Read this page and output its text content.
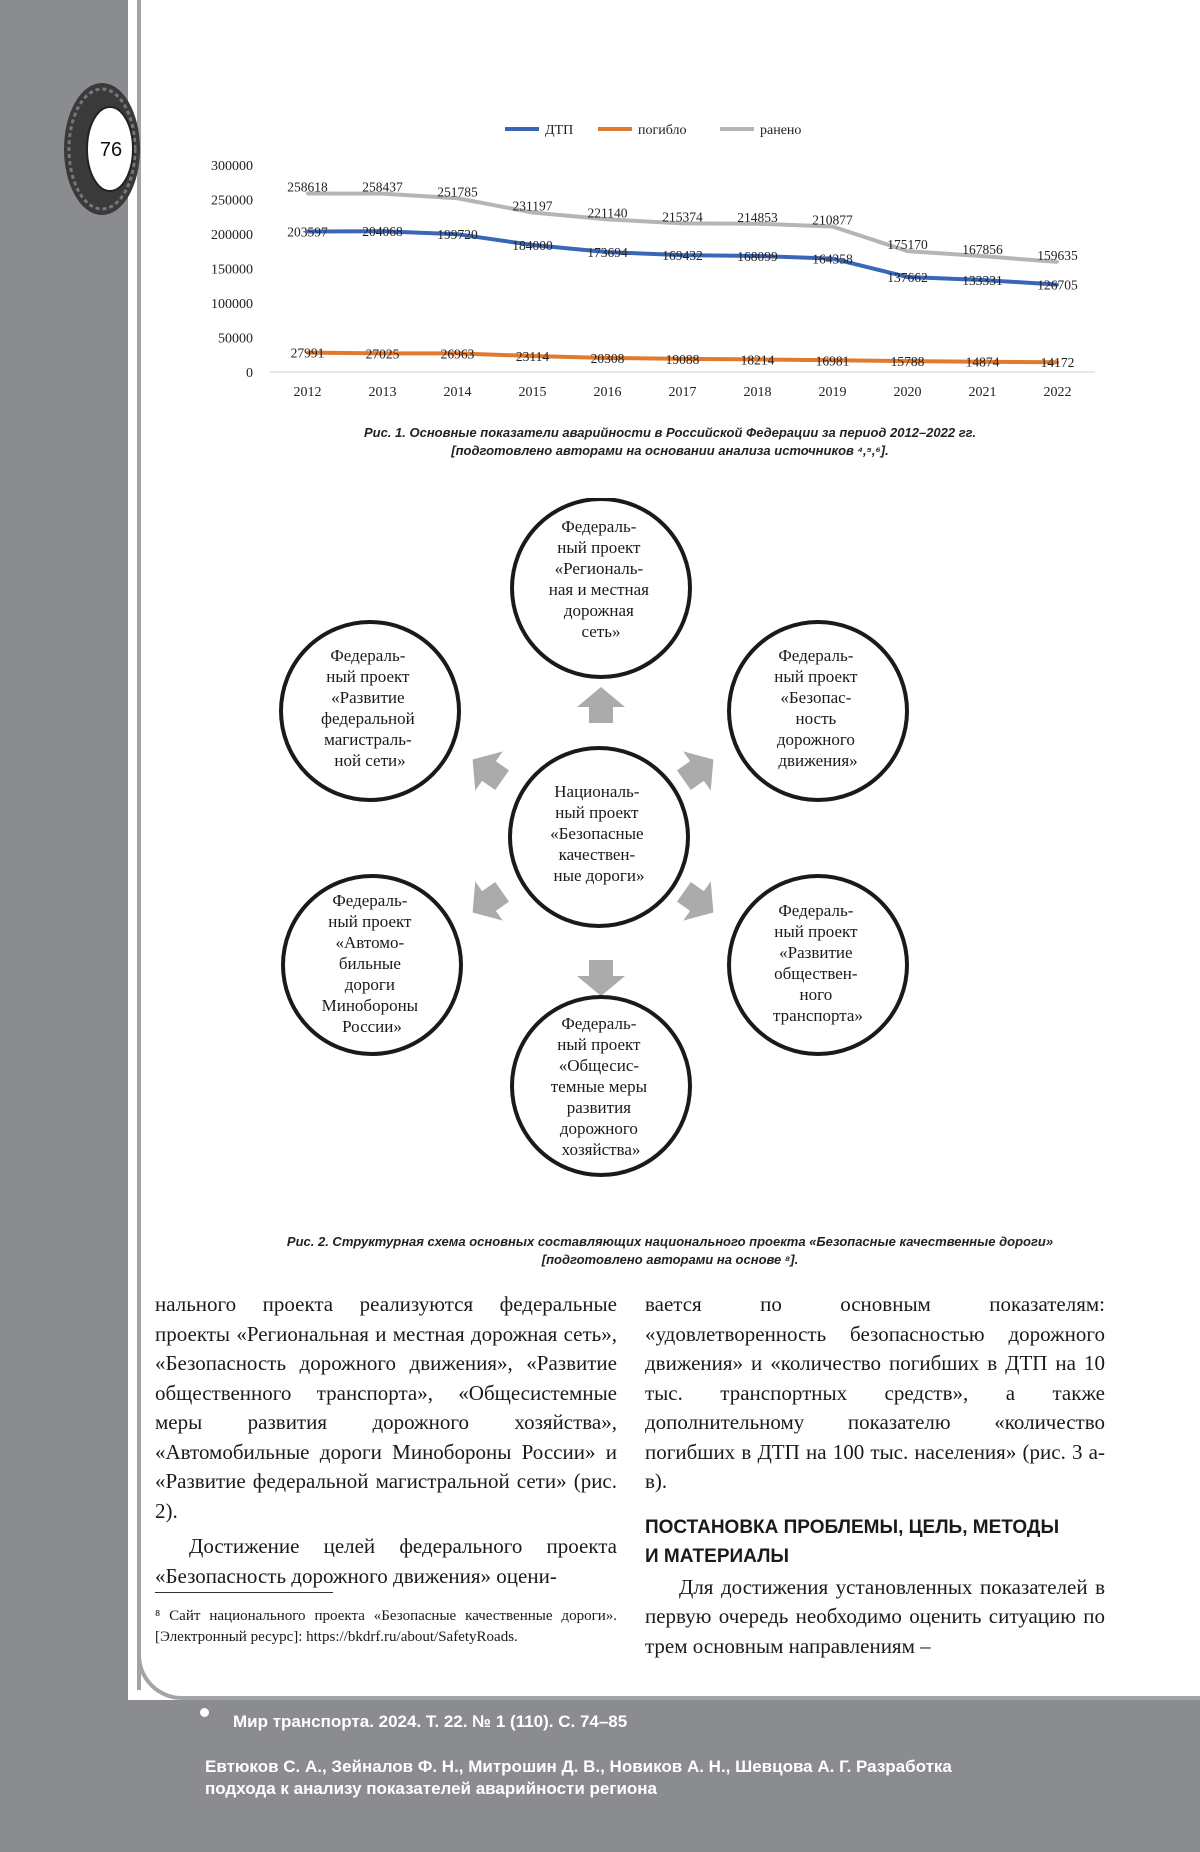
76
0
50000
100000
150000
200000
250000
300000
2012	2013	2014	2015	2016	2017	2018	2019	2020	2021	2022
203597	204068	199720
184000	173694	169432	168099	164358
137662	133331	126705
27991	27025	26963	23114	20308	19088	18214	16981	15788	14874	14172
258618	258437	251785
231197	221140	215374	214853	210877
175170	167856	159635
ДТП	погибло	ранено
Рис. 1. Основные показатели аварийности в Российской Федерации за период 2012–2022 гг.
[подготовлено авторами на основании анализа источников ⁴,⁵,⁶].
Федераль- ный проект «Региональ- ная и местная дорожная сеть»
Федераль- ный проект «Безопас- ность дорожного движения»
Федераль- ный проект «Развитие обществен- ного транспорта»
Федераль- ный проект «Общесис- темные меры развития дорожного хозяйства»
Федераль- ный проект «Автомо- бильные дороги Минобороны России»
Федераль- ный проект «Развитие федеральной магистраль- ной сети»
Националь- ный проект «Безопасные качествен- ные дороги»
Рис. 2. Структурная схема основных составляющих национального проекта «Безопасные качественные дороги»
[подготовлено авторами на основе ⁸].

нального проекта реализуются федеральные проекты «Региональная и местная дорожная сеть», «Безопасность дорожного движения», «Развитие общественного транспорта», «Общесистемные меры развития дорожного хозяйства», «Автомобильные дороги Минобороны России» и «Развитие федеральной магистральной сети» (рис. 2).

Достижение целей федерального проекта «Безопасность дорожного движения» оцени-

⁸ Сайт национального проекта «Безопасные качественные дороги». [Электронный ресурс]: https://bkdrf.ru/about/SafetyRoads.

вается по основным показателям: «удовлетворенность безопасностью дорожного движения» и «количество погибших в ДТП на 10 тыс. транспортных средств», а также дополнительному показателю «количество погибших в ДТП на 100 тыс. населения» (рис. 3 а-в).

ПОСТАНОВКА ПРОБЛЕМЫ, ЦЕЛЬ, МЕТОДЫ
И МАТЕРИАЛЫ

Для достижения установленных показателей в первую очередь необходимо оценить ситуацию по трем основным направлениям –

Мир транспорта. 2024. Т. 22. № 1 (110). С. 74–85
Евтюков С. А., Зейналов Ф. Н., Митрошин Д. В., Новиков А. Н., Шевцова А. Г. Разработка
подхода к анализу показателей аварийности региона
